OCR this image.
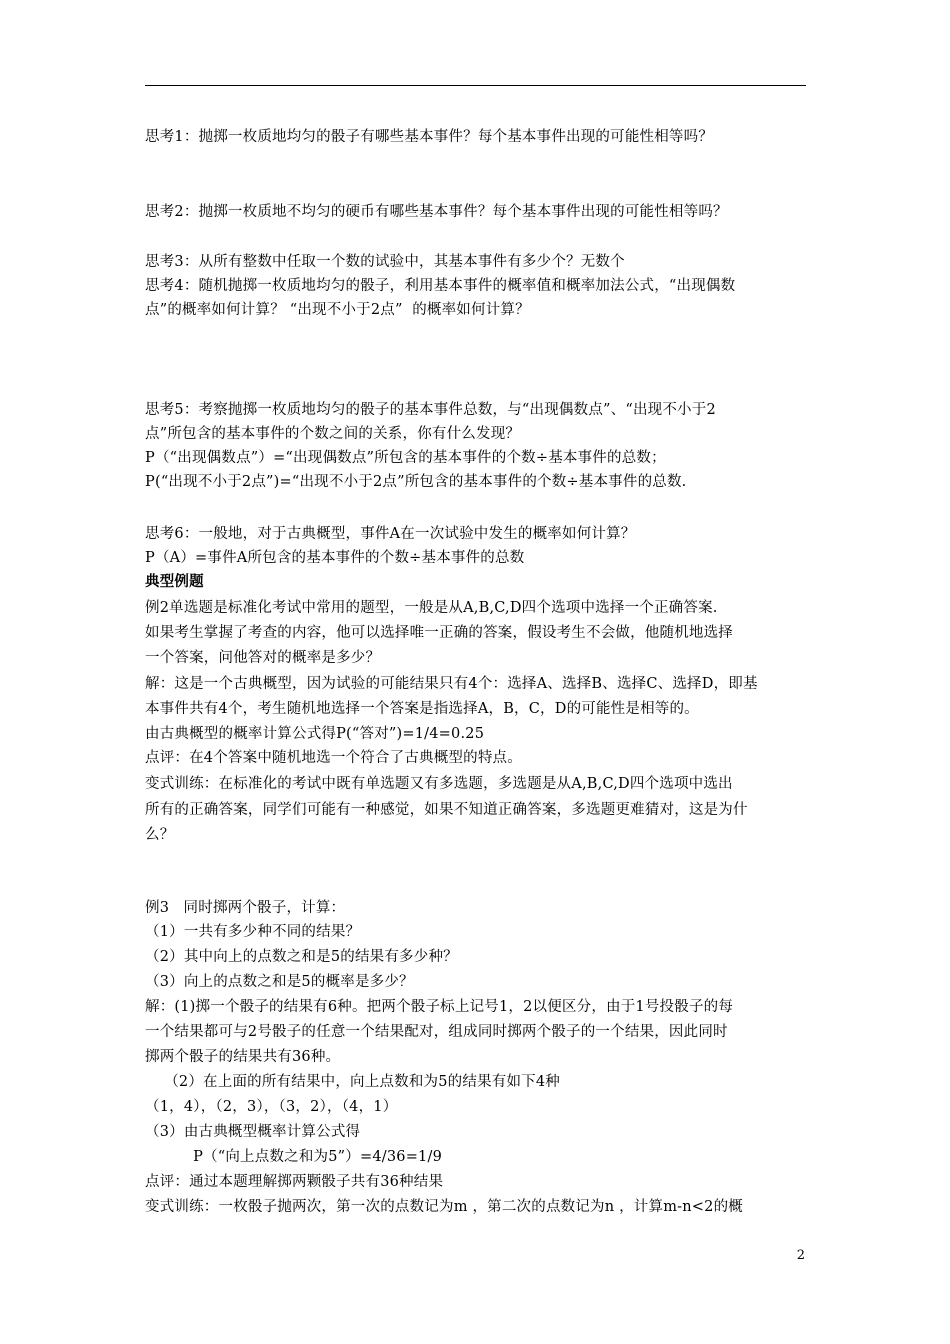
思考1：抛掷一枚质地均匀的骰子有哪些基本事件？每个基本事件出现的可能性相等吗？
思考2：抛掷一枚质地不均匀的硬币有哪些基本事件？每个基本事件出现的可能性相等吗？
思考3：从所有整数中任取一个数的试验中，其基本事件有多少个？无数个
思考4：随机抛掷一枚质地均匀的骰子，利用基本事件的概率值和概率加法公式，“出现偶数
点”的概率如何计算？ “出现不小于2点”  的概率如何计算？
思考5：考察抛掷一枚质地均匀的骰子的基本事件总数，与“出现偶数点”、“出现不小于2
点”所包含的基本事件的个数之间的关系，你有什么发现？
P（“出现偶数点”）=“出现偶数点”所包含的基本事件的个数÷基本事件的总数；
P(“出现不小于2点”)=“出现不小于2点”所包含的基本事件的个数÷基本事件的总数.
思考6：一般地，对于古典概型，事件A在一次试验中发生的概率如何计算？
P（A）=事件A所包含的基本事件的个数÷基本事件的总数
典型例题
例2单选题是标准化考试中常用的题型，一般是从A,B,C,D四个选项中选择一个正确答案.
如果考生掌握了考查的内容，他可以选择唯一正确的答案，假设考生不会做，他随机地选择
一个答案，问他答对的概率是多少？
解：这是一个古典概型，因为试验的可能结果只有4个：选择A、选择B、选择C、选择D，即基
本事件共有4个，考生随机地选择一个答案是指选择A，B，C，D的可能性是相等的。
由古典概型的概率计算公式得P(“答对”)=1/4=0.25
点评：在4个答案中随机地选一个符合了古典概型的特点。
变式训练：在标准化的考试中既有单选题又有多选题，多选题是从A,B,C,D四个选项中选出
所有的正确答案，同学们可能有一种感觉，如果不知道正确答案，多选题更难猜对，这是为什
么？
例3   同时掷两个骰子，计算：
（1）一共有多少种不同的结果？
（2）其中向上的点数之和是5的结果有多少种？
（3）向上的点数之和是5的概率是多少？
解：(1)掷一个骰子的结果有6种。把两个骰子标上记号1，2以便区分，由于1号投骰子的每
一个结果都可与2号骰子的任意一个结果配对，组成同时掷两个骰子的一个结果，因此同时
掷两个骰子的结果共有36种。
（2）在上面的所有结果中，向上点数和为5的结果有如下4种
（1，4），（2，3），（3，2），（4，1）
（3）由古典概型概率计算公式得
P（“向上点数之和为5”）=4/36=1/9
点评：通过本题理解掷两颗骰子共有36种结果
变式训练：一枚骰子抛两次，第一次的点数记为m ，第二次的点数记为n ，计算m-n<2的概
2
